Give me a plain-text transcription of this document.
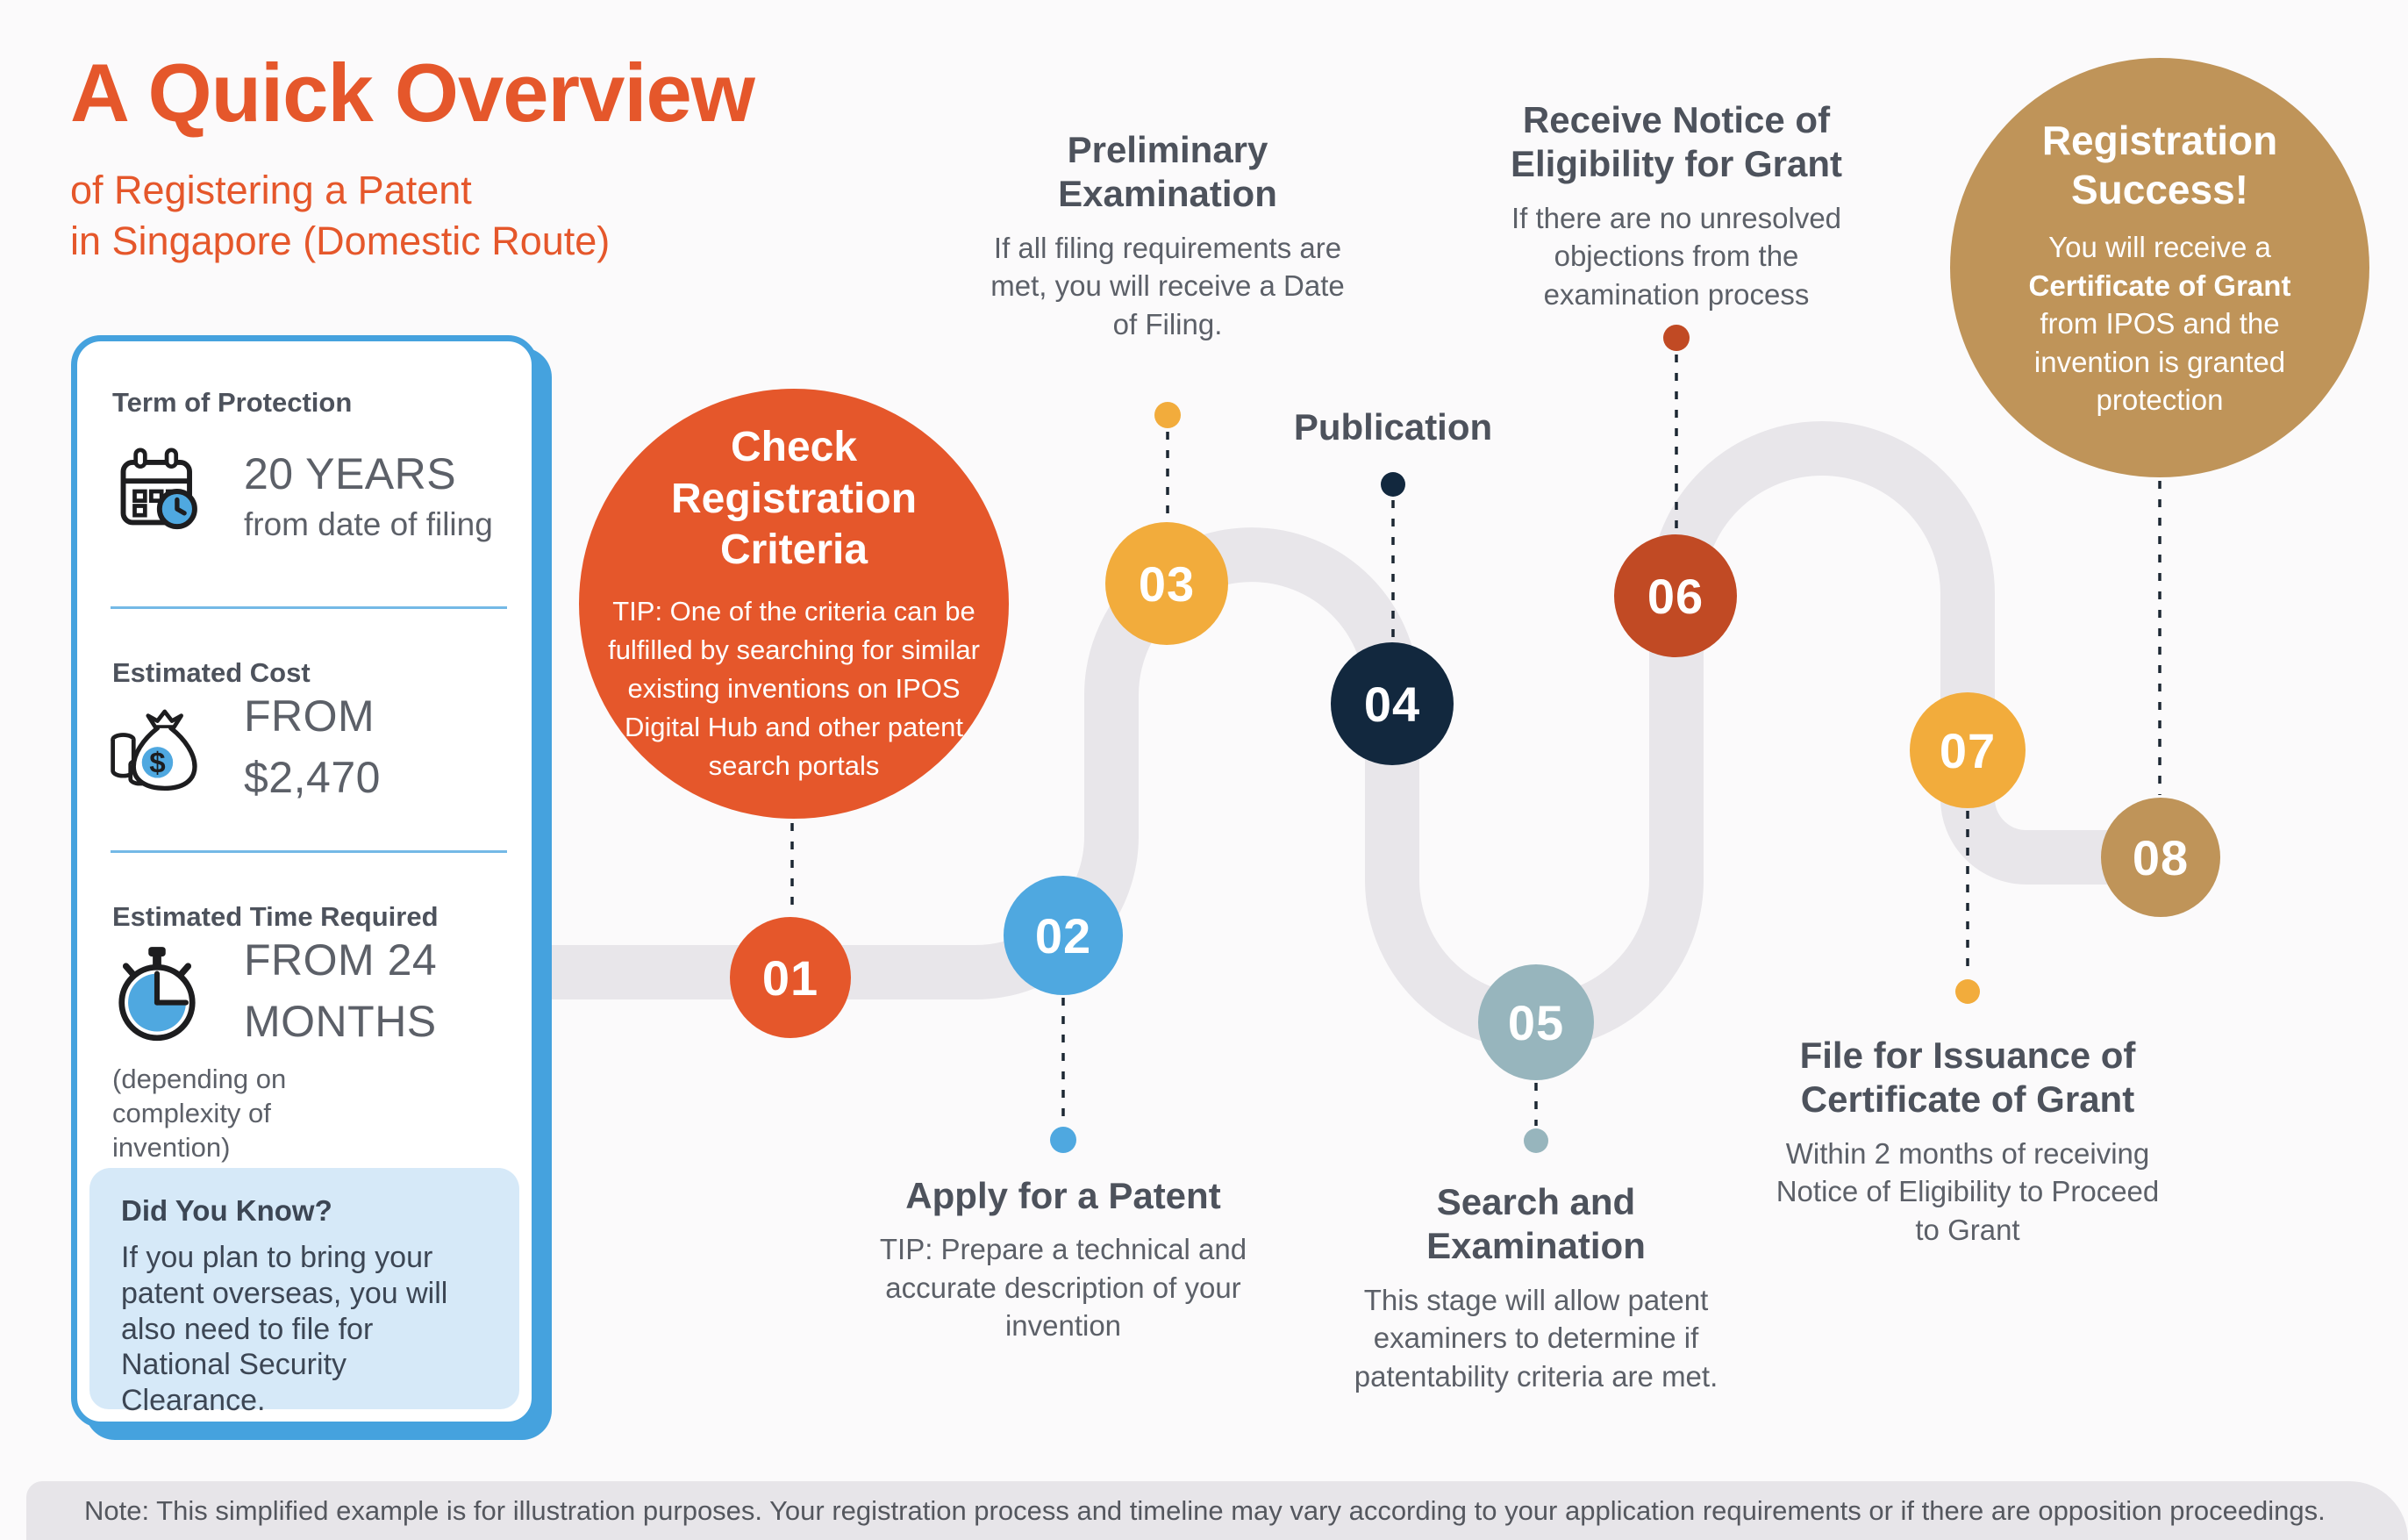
A Quick Overview
of Registering a Patent
in Singapore (Domestic Route)
Term of Protection
20 YEARS
from date of filing
Estimated Cost
$
FROM
$2,470
Estimated Time Required
FROM 24
MONTHS
(depending on complexity of invention)
Did You Know?
If you plan to bring your patent overseas, you will also need to file for National Security Clearance.
Check Registration Criteria
TIP: One of the criteria can be fulfilled by searching for similar existing inventions on IPOS Digital Hub and other patent search portals
Registration Success!
You will receive a Certificate of Grant from IPOS and the invention is granted protection
01
02
03
04
05
06
07
08
Preliminary Examination
If all filing requirements are met, you will receive a Date of Filing.
Publication
Receive Notice of Eligibility for Grant
If there are no unresolved objections from the examination process
Apply for a Patent
TIP: Prepare a technical and accurate description of your invention
Search and Examination
This stage will allow patent examiners to determine if patentability criteria are met.
File for Issuance of Certificate of Grant
Within 2 months of receiving Notice of Eligibility to Proceed to Grant
Note: This simplified example is for illustration purposes. Your registration process and timeline may vary according to your application requirements or if there are opposition proceedings.
